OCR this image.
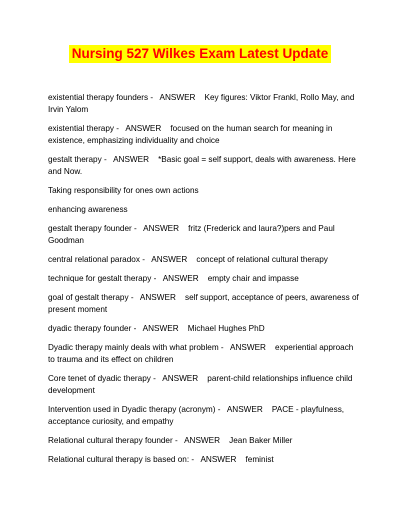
Nursing 527 Wilkes Exam Latest Update

existential therapy founders -   ANSWER    Key figures: Viktor Frankl, Rollo May, and Irvin Yalom

existential therapy -   ANSWER    focused on the human search for meaning in existence, emphasizing individuality and choice

gestalt therapy -   ANSWER    *Basic goal = self support, deals with awareness. Here and Now.

Taking responsibility for ones own actions

enhancing awareness

gestalt therapy founder -   ANSWER    fritz (Frederick and laura?)pers and Paul Goodman

central relational paradox -   ANSWER    concept of relational cultural therapy

technique for gestalt therapy -   ANSWER    empty chair and impasse

goal of gestalt therapy -   ANSWER    self support, acceptance of peers, awareness of present moment

dyadic therapy founder -   ANSWER    Michael Hughes PhD

Dyadic therapy mainly deals with what problem -   ANSWER    experiential approach to trauma and its effect on children

Core tenet of dyadic therapy -   ANSWER    parent-child relationships influence child development

Intervention used in Dyadic therapy (acronym) -   ANSWER    PACE - playfulness, acceptance curiosity, and empathy

Relational cultural therapy founder -   ANSWER    Jean Baker Miller

Relational cultural therapy is based on: -   ANSWER    feminist
